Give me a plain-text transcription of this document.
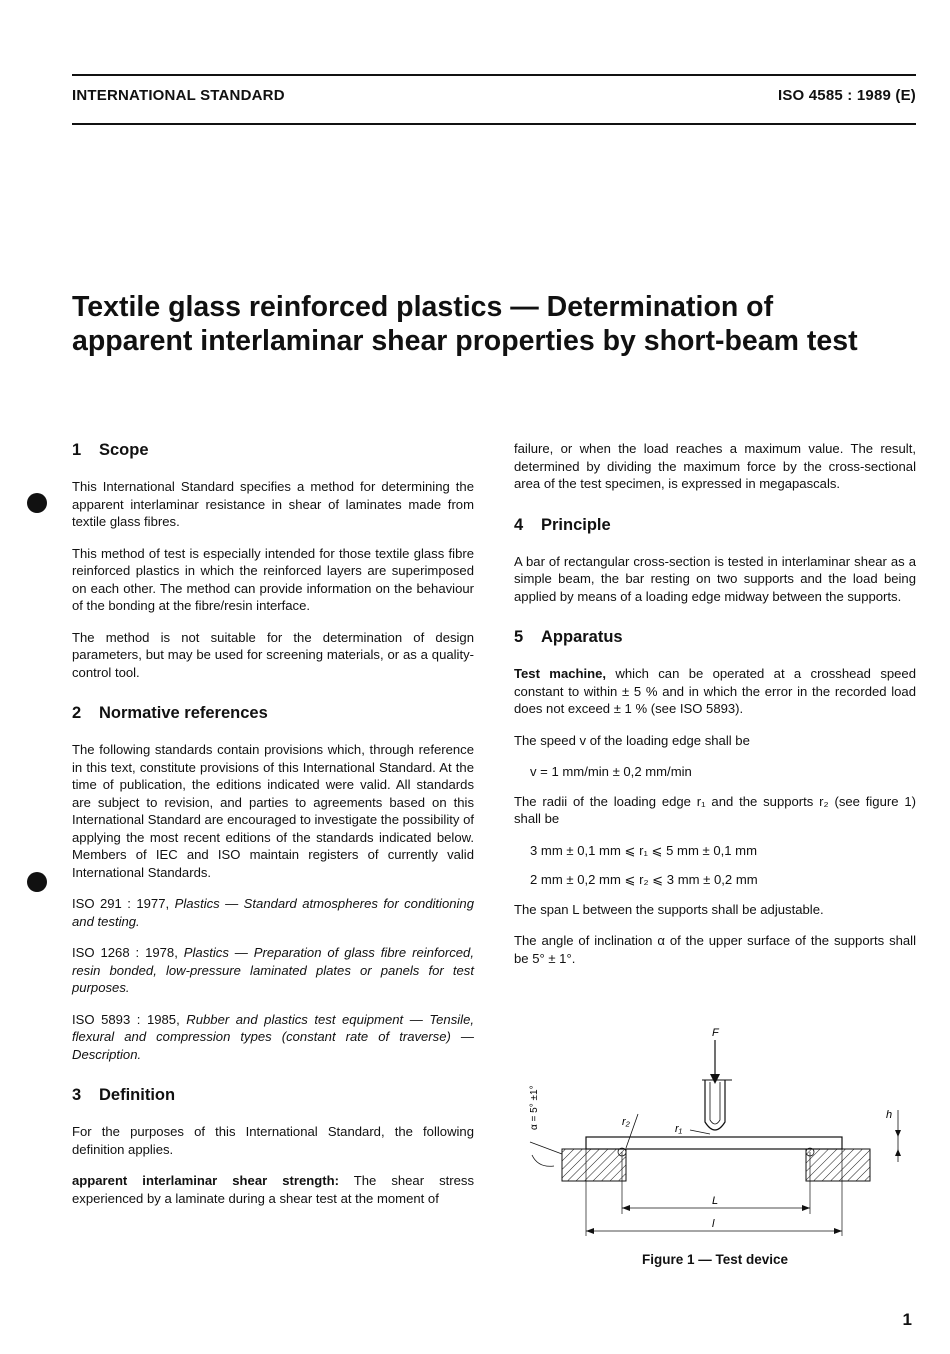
INTERNATIONAL STANDARD	ISO 4585 : 1989 (E)
Textile glass reinforced plastics — Determination of
apparent interlaminar shear properties by short-beam test
1 Scope

This International Standard specifies a method for determining the apparent interlaminar resistance in shear of laminates made from textile glass fibres.

This method of test is especially intended for those textile glass fibre reinforced plastics in which the reinforced layers are superimposed on each other. The method can provide information on the behaviour of the bonding at the fibre/resin interface.

The method is not suitable for the determination of design parameters, but may be used for screening materials, or as a quality-control tool.

2 Normative references

The following standards contain provisions which, through reference in this text, constitute provisions of this International Standard. At the time of publication, the editions indicated were valid. All standards are subject to revision, and parties to agreements based on this International Standard are encouraged to investigate the possibility of applying the most recent editions of the standards indicated below. Members of IEC and ISO maintain registers of currently valid International Standards.

ISO 291 : 1977, Plastics — Standard atmospheres for conditioning and testing.

ISO 1268 : 1978, Plastics — Preparation of glass fibre reinforced, resin bonded, low-pressure laminated plates or panels for test purposes.

ISO 5893 : 1985, Rubber and plastics test equipment — Tensile, flexural and compression types (constant rate of traverse) — Description.

3 Definition

For the purposes of this International Standard, the following definition applies.

apparent interlaminar shear strength: The shear stress experienced by a laminate during a shear test at the moment of

failure, or when the load reaches a maximum value. The result, determined by dividing the maximum force by the cross-sectional area of the test specimen, is expressed in megapascals.

4 Principle

A bar of rectangular cross-section is tested in interlaminar shear as a simple beam, the bar resting on two supports and the load being applied by means of a loading edge midway between the supports.

5 Apparatus

Test machine, which can be operated at a crosshead speed constant to within ± 5 % and in which the error in the recorded load does not exceed ± 1 % (see ISO 5893).

The speed v of the loading edge shall be

v = 1 mm/min ± 0,2 mm/min

The radii of the loading edge r₁ and the supports r₂ (see figure 1) shall be

3 mm ± 0,1 mm ⩽ r₁ ⩽ 5 mm ± 0,1 mm

2 mm ± 0,2 mm ⩽ r₂ ⩽ 3 mm ± 0,2 mm

The span L between the supports shall be adjustable.

The angle of inclination α of the upper surface of the supports shall be 5° ± 1°.

F
α = 5° ±1°	r₂
r₁
h
L
l
Figure 1 — Test device
1
